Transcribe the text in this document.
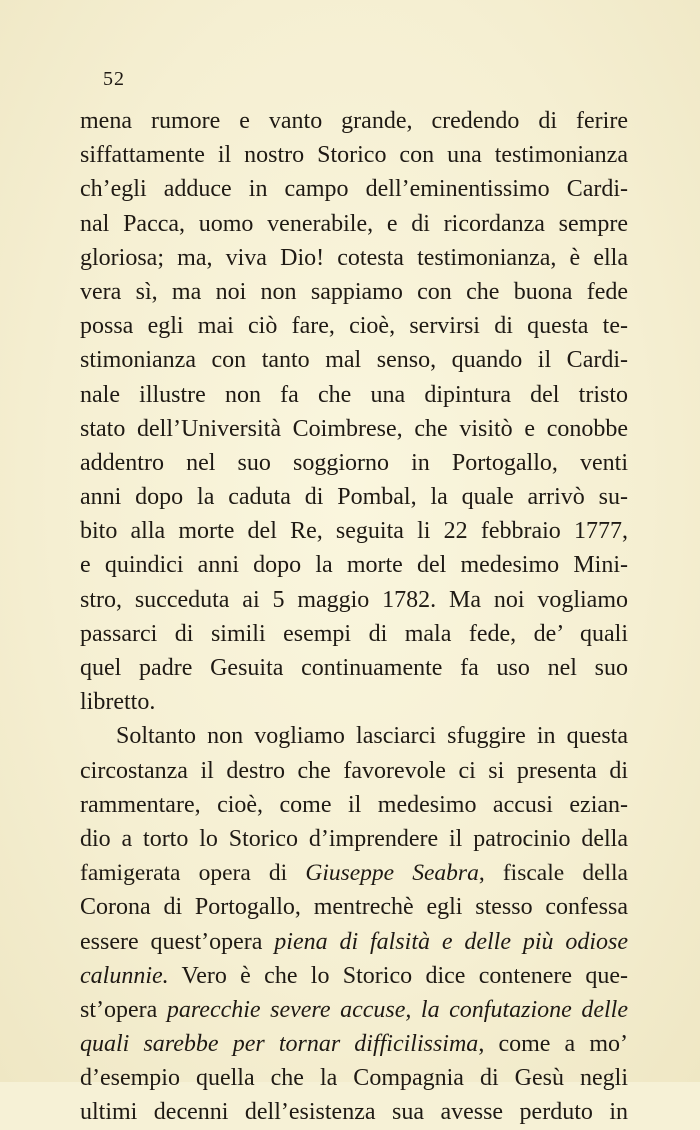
52
mena rumore e vanto grande, credendo di ferire
siffattamente il nostro Storico con una testimonianza
ch’egli adduce in campo dell’eminentissimo Cardi-
nal Pacca, uomo venerabile, e di ricordanza sempre
gloriosa; ma, viva Dio! cotesta testimonianza, è ella
vera sì, ma noi non sappiamo con che buona fede
possa egli mai ciò fare, cioè, servirsi di questa te-
stimonianza con tanto mal senso, quando il Cardi-
nale illustre non fa che una dipintura del tristo
stato dell’Università Coimbrese, che visitò e conobbe
addentro nel suo soggiorno in Portogallo, venti
anni dopo la caduta di Pombal, la quale arrivò su-
bito alla morte del Re, seguita li 22 febbraio 1777,
e quindici anni dopo la morte del medesimo Mini-
stro, succeduta ai 5 maggio 1782. Ma noi vogliamo
passarci di simili esempi di mala fede, de’ quali
quel padre Gesuita continuamente fa uso nel suo
libretto.
Soltanto non vogliamo lasciarci sfuggire in questa
circostanza il destro che favorevole ci si presenta di
rammentare, cioè, come il medesimo accusi ezian-
dio a torto lo Storico d’imprendere il patrocinio della
famigerata opera di Giuseppe Seabra, fiscale della
Corona di Portogallo, mentrechè egli stesso confessa
essere quest’opera piena di falsità e delle più odiose
calunnie. Vero è che lo Storico dice contenere que-
st’opera parecchie severe accuse, la confutazione delle
quali sarebbe per tornar difficilissima, come a mo’
d’esempio quella che la Compagnia di Gesù negli
ultimi decenni dell’esistenza sua avesse perduto in
